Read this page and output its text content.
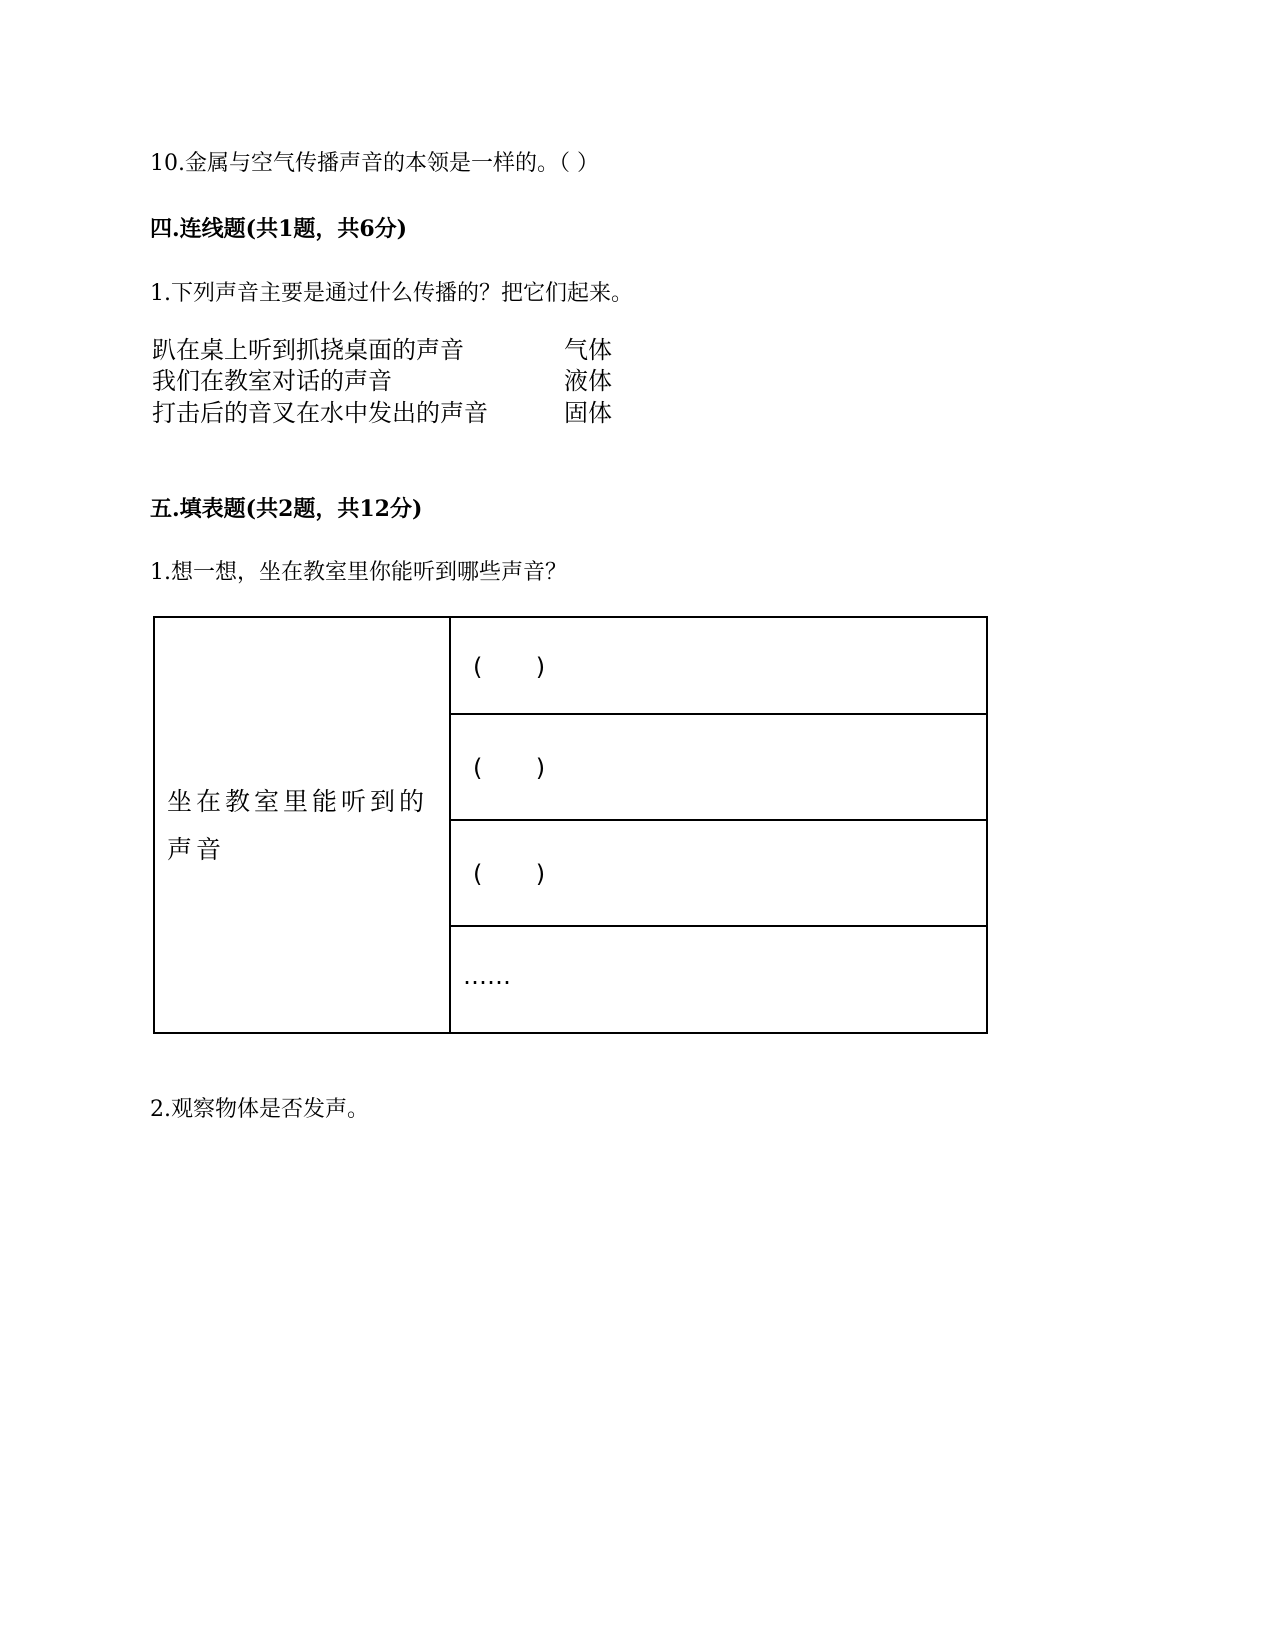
10.金属与空气传播声音的本领是一样的。（ ）
四.连线题(共1题，共6分)
1.下列声音主要是通过什么传播的？把它们起来。
趴在桌上听到抓挠桌面的声音
我们在教室对话的声音
打击后的音叉在水中发出的声音
气体
液体
固体
五.填表题(共2题，共12分)
1.想一想，坐在教室里你能听到哪些声音？
坐在教室里能听到的声音
(       )
(       )
(       )
……
2.观察物体是否发声。
